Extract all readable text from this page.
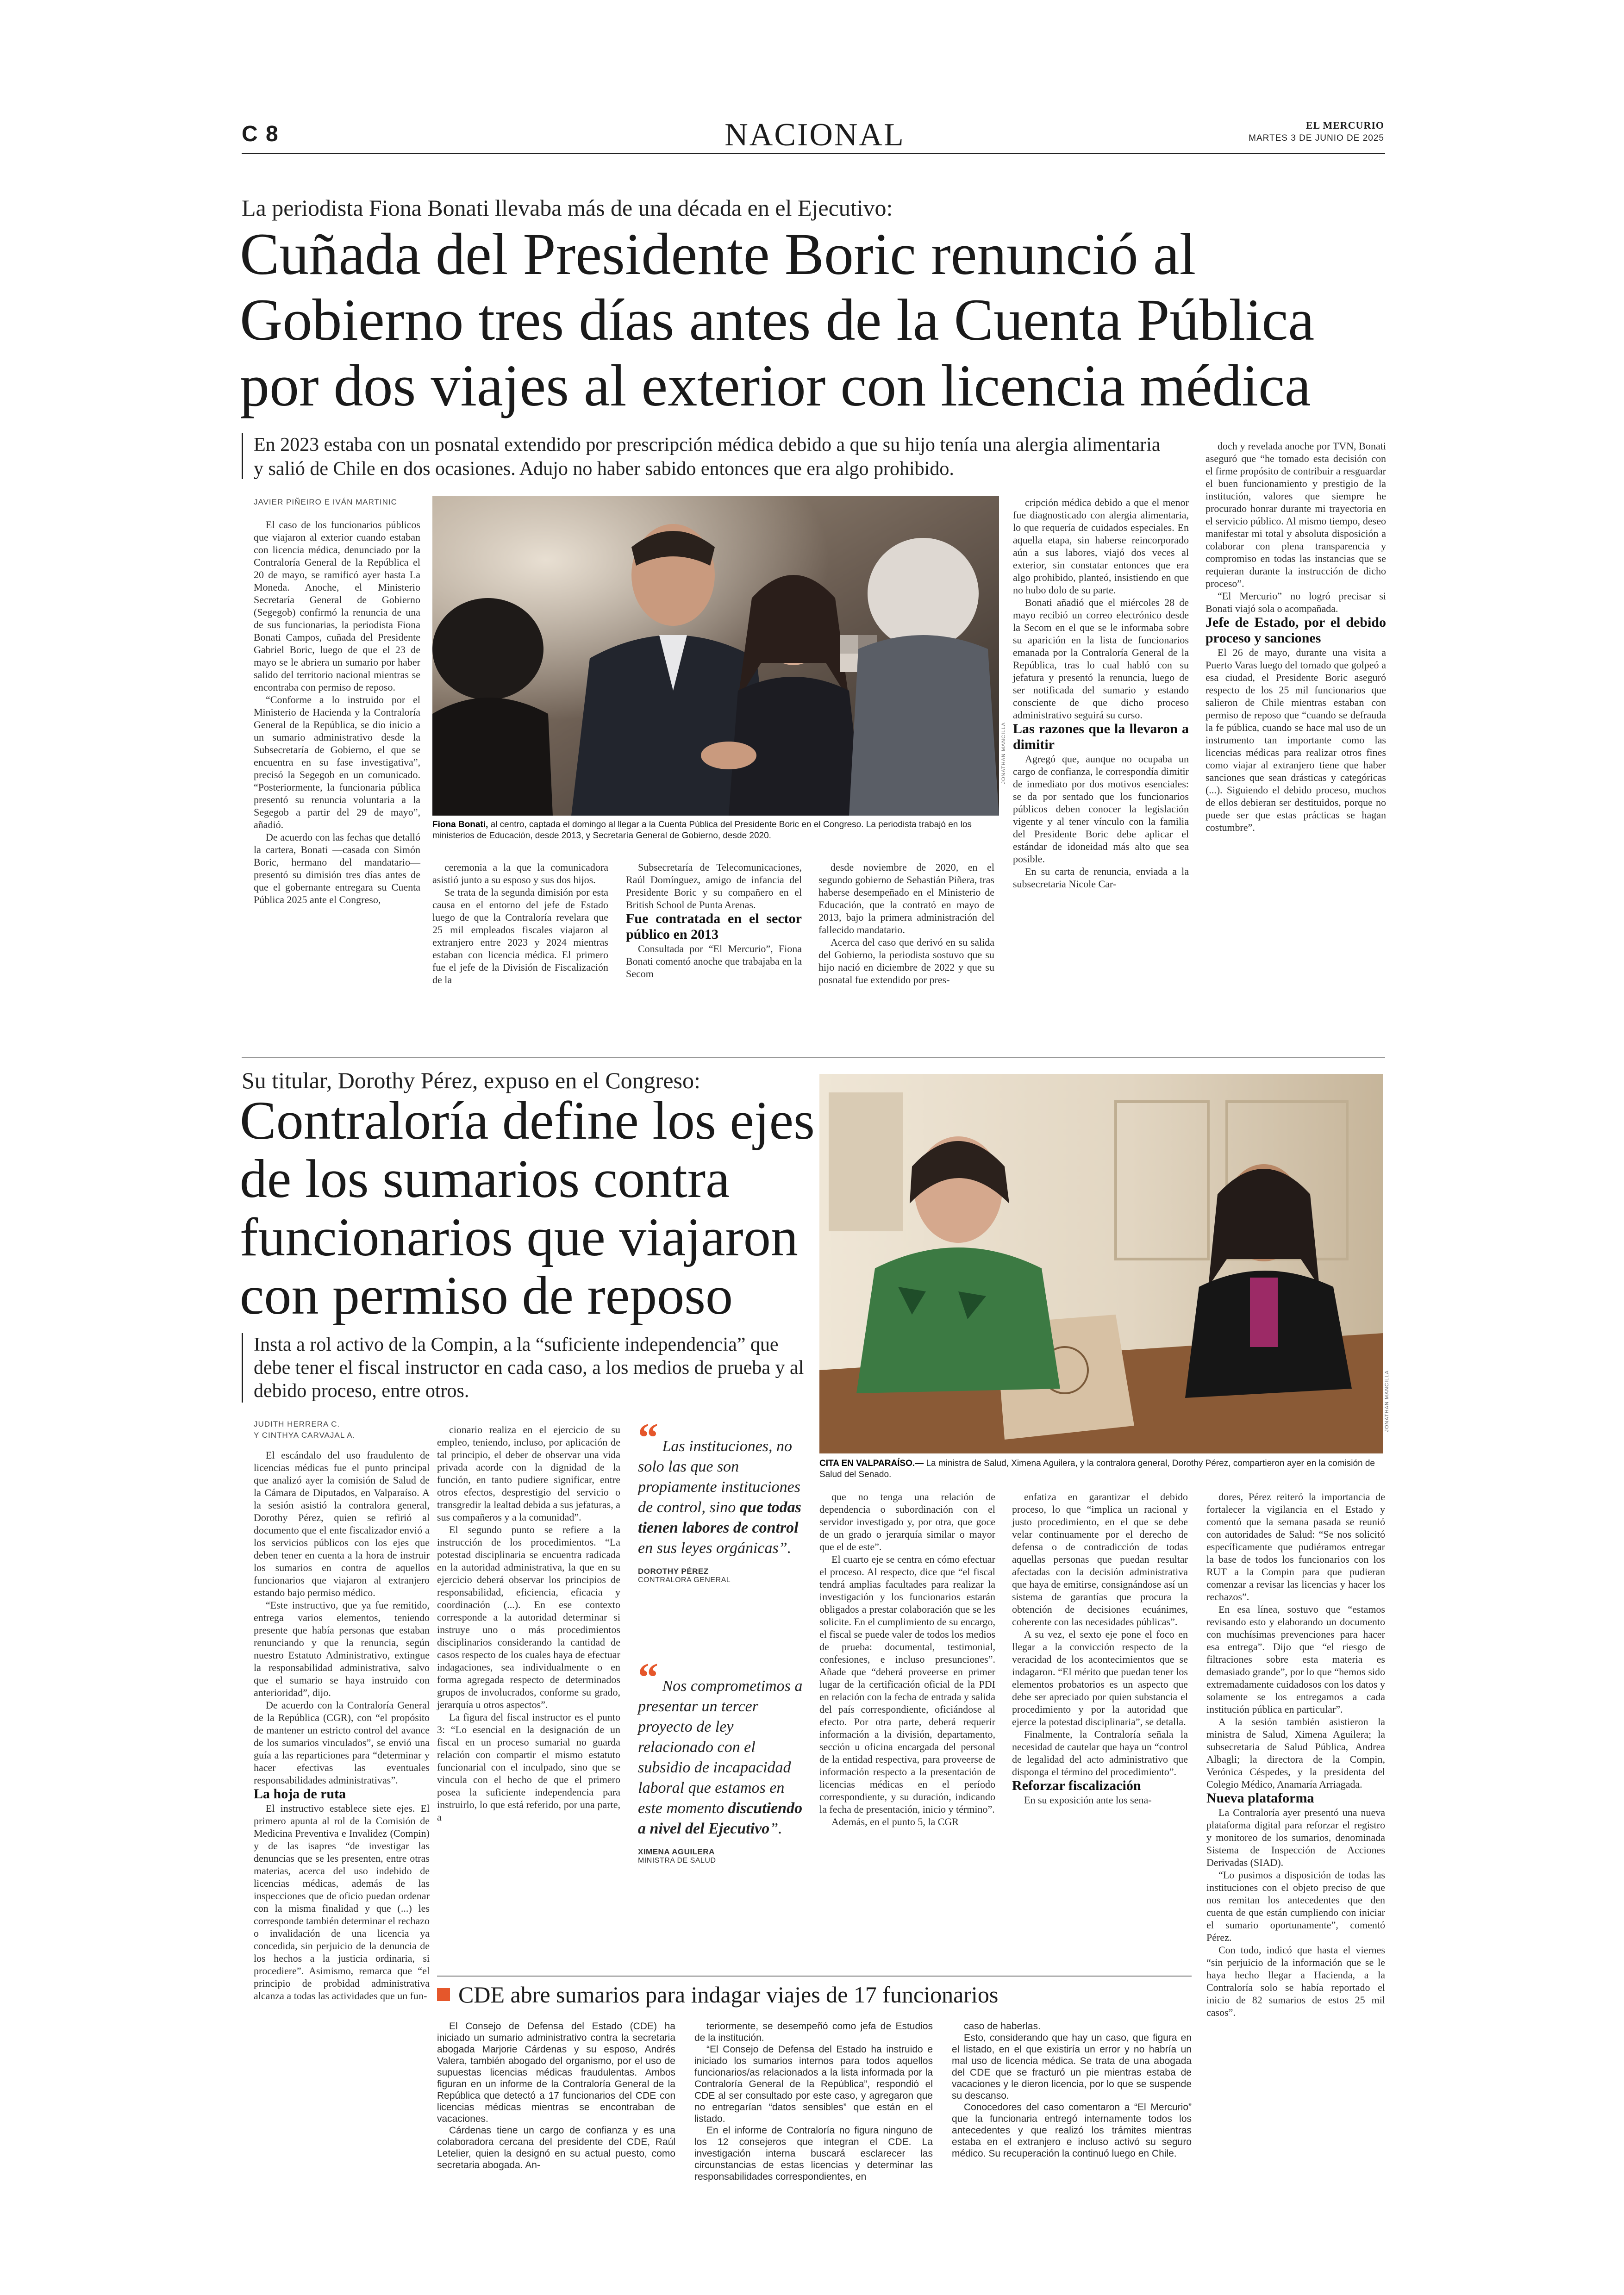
C 8	NACIONAL	EL MERCURIO
MARTES 3 DE JUNIO DE 2025
La periodista Fiona Bonati llevaba más de una década en el Ejecutivo:
Cuñada del Presidente Boric renunció al
Gobierno tres días antes de la Cuenta Pública
por dos viajes al exterior con licencia médica
En 2023 estaba con un posnatal extendido por prescripción médica debido a que su hijo tenía una alergia alimentaria y salió de Chile en dos ocasiones. Adujo no haber sabido entonces que era algo prohibido.
JAVIER PIÑEIRO E IVÁN MARTINIC
JONATHAN MANCILLA
Fiona Bonati, al centro, captada el domingo al llegar a la Cuenta Pública del Presidente Boric en el Congreso. La periodista trabajó en los ministerios de Educación, desde 2013, y Secretaría General de Gobierno, desde 2020.

El caso de los funcionarios públicos que viajaron al exterior cuando estaban con licencia médica, denunciado por la Contraloría General de la República el 20 de mayo, se ramificó ayer hasta La Moneda. Anoche, el Ministerio Secretaría General de Gobierno (Segegob) confirmó la renuncia de una de sus funcionarias, la periodista Fiona Bonati Campos, cuñada del Presidente Gabriel Boric, luego de que el 23 de mayo se le abriera un sumario por haber salido del territorio nacional mientras se encontraba con permiso de reposo.

“Conforme a lo instruido por el Ministerio de Hacienda y la Contraloría General de la República, se dio inicio a un sumario administrativo desde la Subsecretaría de Gobierno, el que se encuentra en su fase investigativa”, precisó la Segegob en un comunicado. “Posteriormente, la funcionaria pública presentó su renuncia voluntaria a la Segegob a partir del 29 de mayo”, añadió.

De acuerdo con las fechas que detalló la cartera, Bonati —casada con Simón Boric, hermano del mandatario— presentó su dimisión tres días antes de que el gobernante entregara su Cuenta Pública 2025 ante el Congreso,

ceremonia a la que la comunicadora asistió junto a su esposo y sus dos hijos.

Se trata de la segunda dimisión por esta causa en el entorno del jefe de Estado luego de que la Contraloría revelara que 25 mil empleados fiscales viajaron al extranjero entre 2023 y 2024 mientras estaban con licencia médica. El primero fue el jefe de la División de Fiscalización de la

Subsecretaría de Telecomunicaciones, Raúl Domínguez, amigo de infancia del Presidente Boric y su compañero en el British School de Punta Arenas.

Fue contratada en el sector público en 2013

Consultada por “El Mercurio”, Fiona Bonati comentó anoche que trabajaba en la Secom

desde noviembre de 2020, en el segundo gobierno de Sebastián Piñera, tras haberse desempeñado en el Ministerio de Educación, que la contrató en mayo de 2013, bajo la primera administración del fallecido mandatario.

Acerca del caso que derivó en su salida del Gobierno, la periodista sostuvo que su hijo nació en diciembre de 2022 y que su posnatal fue extendido por pres-

cripción médica debido a que el menor fue diagnosticado con alergia alimentaria, lo que requería de cuidados especiales. En aquella etapa, sin haberse reincorporado aún a sus labores, viajó dos veces al exterior, sin constatar entonces que era algo prohibido, planteó, insistiendo en que no hubo dolo de su parte.

Bonati añadió que el miércoles 28 de mayo recibió un correo electrónico desde la Secom en el que se le informaba sobre su aparición en la lista de funcionarios emanada por la Contraloría General de la República, tras lo cual habló con su jefatura y presentó la renuncia, luego de ser notificada del sumario y estando consciente de que dicho proceso administrativo seguirá su curso.

Las razones que la llevaron a dimitir

Agregó que, aunque no ocupaba un cargo de confianza, le correspondía dimitir de inmediato por dos motivos esenciales: se da por sentado que los funcionarios públicos deben conocer la legislación vigente y al tener vínculo con la familia del Presidente Boric debe aplicar el estándar de idoneidad más alto que sea posible.

En su carta de renuncia, enviada a la subsecretaria Nicole Car-

doch y revelada anoche por TVN, Bonati aseguró que “he tomado esta decisión con el firme propósito de contribuir a resguardar el buen funcionamiento y prestigio de la institución, valores que siempre he procurado honrar durante mi trayectoria en el servicio público. Al mismo tiempo, deseo manifestar mi total y absoluta disposición a colaborar con plena transparencia y compromiso en todas las instancias que se requieran durante la instrucción de dicho proceso”.

“El Mercurio” no logró precisar si Bonati viajó sola o acompañada.

Jefe de Estado, por el debido proceso y sanciones

El 26 de mayo, durante una visita a Puerto Varas luego del tornado que golpeó a esa ciudad, el Presidente Boric aseguró respecto de los 25 mil funcionarios que salieron de Chile mientras estaban con permiso de reposo que “cuando se defrauda la fe pública, cuando se hace mal uso de un instrumento tan importante como las licencias médicas para realizar otros fines como viajar al extranjero tiene que haber sanciones que sean drásticas y categóricas (...). Siguiendo el debido proceso, muchos de ellos debieran ser destituidos, porque no puede ser que estas prácticas se hagan costumbre”.

Su titular, Dorothy Pérez, expuso en el Congreso:
Contraloría define los ejes
de los sumarios contra
funcionarios que viajaron
con permiso de reposo
Insta a rol activo de la Compin, a la “suficiente independencia” que debe tener el fiscal instructor en cada caso, a los medios de prueba y al debido proceso, entre otros.
JUDITH HERRERA C.
Y CINTHYA CARVAJAL A.
JONATHAN MANCILLA
CITA EN VALPARAÍSO.— La ministra de Salud, Ximena Aguilera, y la contralora general, Dorothy Pérez, compartieron ayer en la comisión de Salud del Senado.
“ Las instituciones, no solo las que son propiamente instituciones de control, sino que todas tienen labores de control en sus leyes orgánicas”.
DOROTHY PÉREZ
CONTRALORA GENERAL
“ Nos comprometimos a presentar un tercer proyecto de ley relacionado con el subsidio de incapacidad laboral que estamos en este momento discutiendo a nivel del Ejecutivo”.
XIMENA AGUILERA
MINISTRA DE SALUD

El escándalo del uso fraudulento de licencias médicas fue el punto principal que analizó ayer la comisión de Salud de la Cámara de Diputados, en Valparaíso. A la sesión asistió la contralora general, Dorothy Pérez, quien se refirió al documento que el ente fiscalizador envió a los servicios públicos con los ejes que deben tener en cuenta a la hora de instruir los sumarios en contra de aquellos funcionarios que viajaron al extranjero estando bajo permiso médico.

“Este instructivo, que ya fue remitido, entrega varios elementos, teniendo presente que había personas que estaban renunciando y que la renuncia, según nuestro Estatuto Administrativo, extingue la responsabilidad administrativa, salvo que el sumario se haya instruido con anterioridad”, dijo.

De acuerdo con la Contraloría General de la República (CGR), con “el propósito de mantener un estricto control del avance de los sumarios vinculados”, se envió una guía a las reparticiones para “determinar y hacer efectivas las eventuales responsabilidades administrativas”.

La hoja de ruta

El instructivo establece siete ejes. El primero apunta al rol de la Comisión de Medicina Preventiva e Invalidez (Compin) y de las isapres “de investigar las denuncias que se les presenten, entre otras materias, acerca del uso indebido de licencias médicas, además de las inspecciones que de oficio puedan ordenar con la misma finalidad y que (...) les corresponde también determinar el rechazo o invalidación de una licencia ya concedida, sin perjuicio de la denuncia de los hechos a la justicia ordinaria, si procediere”. Asimismo, remarca que “el principio de probidad administrativa alcanza a todas las actividades que un fun-

cionario realiza en el ejercicio de su empleo, teniendo, incluso, por aplicación de tal principio, el deber de observar una vida privada acorde con la dignidad de la función, en tanto pudiere significar, entre otros efectos, desprestigio del servicio o transgredir la lealtad debida a sus jefaturas, a sus compañeros y a la comunidad”.

El segundo punto se refiere a la instrucción de los procedimientos. “La potestad disciplinaria se encuentra radicada en la autoridad administrativa, la que en su ejercicio deberá observar los principios de responsabilidad, eficiencia, eficacia y coordinación (...). En ese contexto corresponde a la autoridad determinar si instruye uno o más procedimientos disciplinarios considerando la cantidad de casos respecto de los cuales haya de efectuar indagaciones, sea individualmente o en forma agregada respecto de determinados grupos de involucrados, conforme su grado, jerarquía u otros aspectos”.

La figura del fiscal instructor es el punto 3: “Lo esencial en la designación de un fiscal en un proceso sumarial no guarda relación con compartir el mismo estatuto funcionarial con el inculpado, sino que se vincula con el hecho de que el primero posea la suficiente independencia para instruirlo, lo que está referido, por una parte, a

que no tenga una relación de dependencia o subordinación con el servidor investigado y, por otra, que goce de un grado o jerarquía similar o mayor que el de este”.

El cuarto eje se centra en cómo efectuar el proceso. Al respecto, dice que “el fiscal tendrá amplias facultades para realizar la investigación y los funcionarios estarán obligados a prestar colaboración que se les solicite. En el cumplimiento de su encargo, el fiscal se puede valer de todos los medios de prueba: documental, testimonial, confesiones, e incluso presunciones”. Añade que “deberá proveerse en primer lugar de la certificación oficial de la PDI en relación con la fecha de entrada y salida del país correspondiente, oficiándose al efecto. Por otra parte, deberá requerir información a la división, departamento, sección u oficina encargada del personal de la entidad respectiva, para proveerse de información respecto a la presentación de licencias médicas en el período correspondiente, y su duración, indicando la fecha de presentación, inicio y término”.

Además, en el punto 5, la CGR

enfatiza en garantizar el debido proceso, lo que “implica un racional y justo procedimiento, en el que se debe velar continuamente por el derecho de defensa o de contradicción de todas aquellas personas que puedan resultar afectadas con la decisión administrativa que haya de emitirse, consignándose así un sistema de garantías que procura la obtención de decisiones ecuánimes, coherente con las necesidades públicas”.

A su vez, el sexto eje pone el foco en llegar a la convicción respecto de la veracidad de los acontecimientos que se indagaron. “El mérito que puedan tener los elementos probatorios es un aspecto que debe ser apreciado por quien substancia el procedimiento y por la autoridad que ejerce la potestad disciplinaria”, se detalla.

Finalmente, la Contraloría señala la necesidad de cautelar que haya un “control de legalidad del acto administrativo que disponga el término del procedimiento”.

Reforzar fiscalización

En su exposición ante los sena-

dores, Pérez reiteró la importancia de fortalecer la vigilancia en el Estado y comentó que la semana pasada se reunió con autoridades de Salud: “Se nos solicitó específicamente que pudiéramos entregar la base de todos los funcionarios con los RUT a la Compin para que pudieran comenzar a revisar las licencias y hacer los rechazos”.

En esa línea, sostuvo que “estamos revisando esto y elaborando un documento con muchísimas prevenciones para hacer esa entrega”. Dijo que “el riesgo de filtraciones sobre esta materia es demasiado grande”, por lo que “hemos sido extremadamente cuidadosos con los datos y solamente se los entregamos a cada institución pública en particular”.

A la sesión también asistieron la ministra de Salud, Ximena Aguilera; la subsecretaria de Salud Pública, Andrea Albagli; la directora de la Compin, Verónica Céspedes, y la presidenta del Colegio Médico, Anamaría Arriagada.

Nueva plataforma

La Contraloría ayer presentó una nueva plataforma digital para reforzar el registro y monitoreo de los sumarios, denominada Sistema de Inspección de Acciones Derivadas (SIAD).

“Lo pusimos a disposición de todas las instituciones con el objeto preciso de que nos remitan los antecedentes que den cuenta de que están cumpliendo con iniciar el sumario oportunamente”, comentó Pérez.

Con todo, indicó que hasta el viernes “sin perjuicio de la información que se le haya hecho llegar a Hacienda, a la Contraloría solo se había reportado el inicio de 82 sumarios de estos 25 mil casos”.

CDE abre sumarios para indagar viajes de 17 funcionarios

El Consejo de Defensa del Estado (CDE) ha iniciado un sumario administrativo contra la secretaria abogada Marjorie Cárdenas y su esposo, Andrés Valera, también abogado del organismo, por el uso de supuestas licencias médicas fraudulentas. Ambos figuran en un informe de la Contraloría General de la República que detectó a 17 funcionarios del CDE con licencias médicas mientras se encontraban de vacaciones.

Cárdenas tiene un cargo de confianza y es una colaboradora cercana del presidente del CDE, Raúl Letelier, quien la designó en su actual puesto, como secretaria abogada. An-

teriormente, se desempeñó como jefa de Estudios de la institución.

“El Consejo de Defensa del Estado ha instruido e iniciado los sumarios internos para todos aquellos funcionarios/as relacionados a la lista informada por la Contraloría General de la República”, respondió el CDE al ser consultado por este caso, y agregaron que no entregarían “datos sensibles” que están en el listado.

En el informe de Contraloría no figura ninguno de los 12 consejeros que integran el CDE. La investigación interna buscará esclarecer las circunstancias de estas licencias y determinar las responsabilidades correspondientes, en

caso de haberlas.

Esto, considerando que hay un caso, que figura en el listado, en el que existiría un error y no habría un mal uso de licencia médica. Se trata de una abogada del CDE que se fracturó un pie mientras estaba de vacaciones y le dieron licencia, por lo que se suspende su descanso.

Conocedores del caso comentaron a “El Mercurio” que la funcionaria entregó internamente todos los antecedentes y que realizó los trámites mientras estaba en el extranjero e incluso activó su seguro médico. Su recuperación la continuó luego en Chile.
